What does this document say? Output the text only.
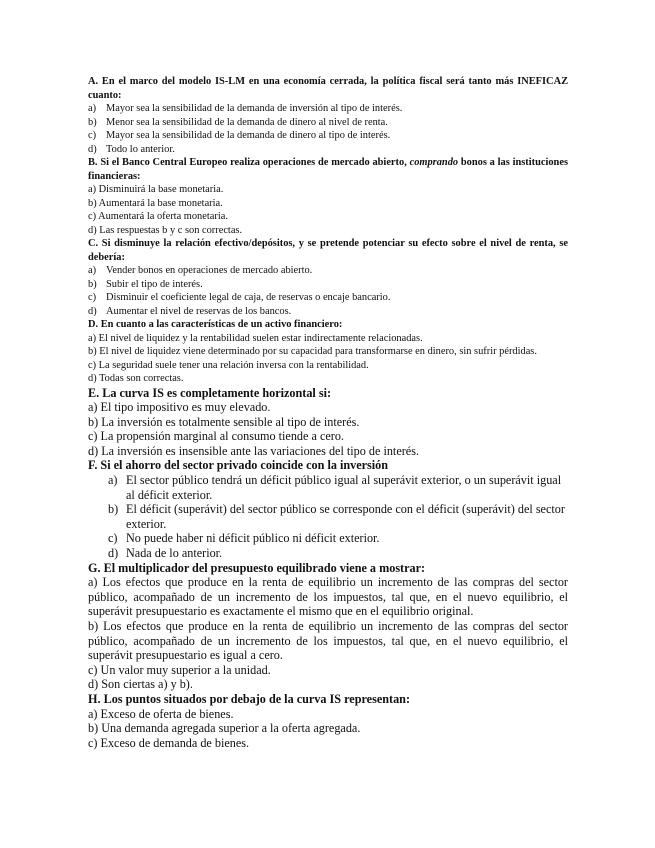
A. En el marco del modelo IS-LM en una economía cerrada, la política fiscal será tanto más INEFICAZ cuanto:
a) Mayor sea la sensibilidad de la demanda de inversión al tipo de interés.
b) Menor sea la sensibilidad de la demanda de dinero al nivel de renta.
c) Mayor sea la sensibilidad de la demanda de dinero al tipo de interés.
d) Todo lo anterior.
B. Si el Banco Central Europeo realiza operaciones de mercado abierto, comprando bonos a las instituciones financieras:
a) Disminuirá la base monetaria.
b) Aumentará la base monetaria.
c) Aumentará la oferta monetaria.
d) Las respuestas b y c son correctas.
C. Si disminuye la relación efectivo/depósitos, y se pretende potenciar su efecto sobre el nivel de renta, se debería:
a) Vender bonos en operaciones de mercado abierto.
b) Subir el tipo de interés.
c) Disminuir el coeficiente legal de caja, de reservas o encaje bancario.
d) Aumentar el nivel de reservas de los bancos.
D. En cuanto a las características de un activo financiero:
a) El nivel de liquidez y la rentabilidad suelen estar indirectamente relacionadas.
b) El nivel de liquidez viene determinado por su capacidad para transformarse en dinero, sin sufrir pérdidas.
c) La seguridad suele tener una relación inversa con la rentabilidad.
d) Todas son correctas.
E. La curva IS es completamente horizontal si:
a) El tipo impositivo es muy elevado.
b) La inversión es totalmente sensible al tipo de interés.
c) La propensión marginal al consumo tiende a cero.
d) La inversión es insensible ante las variaciones del tipo de interés.
F. Si el ahorro del sector privado coincide con la inversión
a) El sector público tendrá un déficit público igual al superávit exterior, o un superávit igual al déficit exterior.
b) El déficit (superávit) del sector público se corresponde con el déficit (superávit) del sector exterior.
c) No puede haber ni déficit público ni déficit exterior.
d) Nada de lo anterior.
G. El multiplicador del presupuesto equilibrado viene a mostrar:
a) Los efectos que produce en la renta de equilibrio un incremento de las compras del sector público, acompañado de un incremento de los impuestos, tal que, en el nuevo equilibrio, el superávit presupuestario es exactamente el mismo que en el equilibrio original.
b) Los efectos que produce en la renta de equilibrio un incremento de las compras del sector público, acompañado de un incremento de los impuestos, tal que, en el nuevo equilibrio, el superávit presupuestario es igual a cero.
c) Un valor muy superior a la unidad.
d) Son ciertas a) y b).
H. Los puntos situados por debajo de la curva IS representan:
a) Exceso de oferta de bienes.
b) Una demanda agregada superior a la oferta agregada.
c) Exceso de demanda de bienes.
